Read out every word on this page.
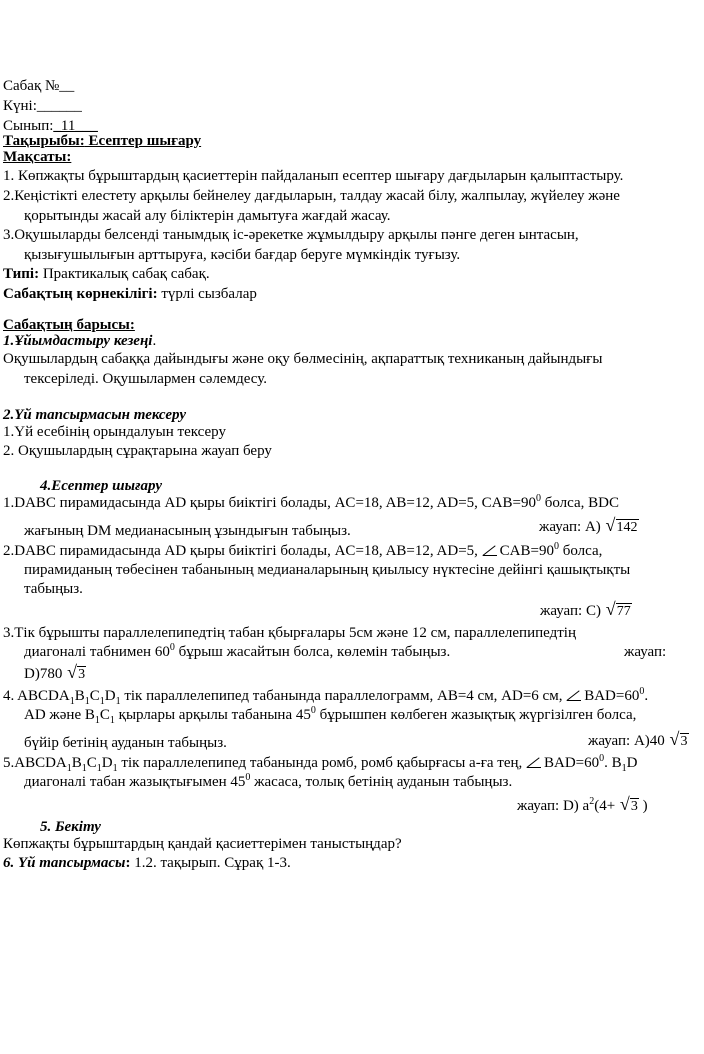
Сабақ №__
Күні:______
Сынып:_11___
Тақырыбы: Есептер шығару
Мақсаты:
1. Көпжақты бұрыштардың қасиеттерін пайдаланып есептер шығару дағдыларын қалыптастыру.
2.Кеңістікті елестету арқылы бейнелеу дағдыларын, талдау жасай білу, жалпылау, жүйелеу және
қорытынды жасай алу біліктерін дамытуға жағдай жасау.
3.Оқушыларды белсенді танымдық іс-әрекетке жұмылдыру арқылы пәнге деген ынтасын,
қызығушылығын арттыруға, кәсіби бағдар беруге мүмкіндік туғызу.
Типі: Практикалық сабақ сабақ.
Сабақтың көрнекілігі: түрлі сызбалар
Сабақтың барысы:
1.Ұйымдастыру кезеңі.
Оқушылардың сабаққа дайындығы және оқу бөлмесінің, ақпараттық техниканың дайындығы
тексеріледі. Оқушылармен сәлемдесу.
2.Үй тапсырмасын тексеру
1.Үй есебінің орындалуын тексеру
2. Оқушылардың сұрақтарына жауап беру
4.Есептер шығару
1.DABC пирамидасында AD қыры биіктігі болады, AC=18, AB=12, AD=5, $CAB=90^0$ болса, BDC
жағының DM медианасының ұзындығын табыңыз.	жауап: A) √ 142
2.DABC пирамидасында AD қыры биіктігі болады, AC=18, AB=12, AD=5, $CAB=90^0$ болса,
пирамиданың төбесінен табанының медианаларының қиылысу нүктесіне дейінгі қашықтықты
табыңыз.
жауап: C) √ 77
3.Тік бұрышты параллелепипедтің табан қбырғалары 5см және 12 см, параллелепипедтің
диагоналі табнимен $60^0$ бұрыш жасайтын болса, көлемін табыңыз.	жауап:
D)780 √ 3
4. $ABCDA_1B_1C_1D_1$ тік параллелепипед табанында параллелограмм, AB=4 см, AD=6 см, $BAD=60^0$.
AD және $B_1C_1$ қырлары арқылы табанына $45^0$ бұрышпен көлбеген жазықтық жүргізілген болса,
бүйір бетінің ауданын табыңыз.	жауап: A)40 √ 3
$5.ABCDA_1B_1C_1D_1$ тік параллелепипед табанында ромб, ромб қабырғасы а-ға тең, $BAD=60^0$. $B_1D$
диагоналі табан жазықтығымен $45^0$ жасаса, толық бетінің ауданын табыңыз.
жауап: D) $a^2(4+$ √ 3 )
5. Бекіту
Көпжақты бұрыштардың қандай қасиеттерімен таныстыңдар?
6. Үй тапсырмасы: 1.2. тақырып. Сұрақ 1-3.
